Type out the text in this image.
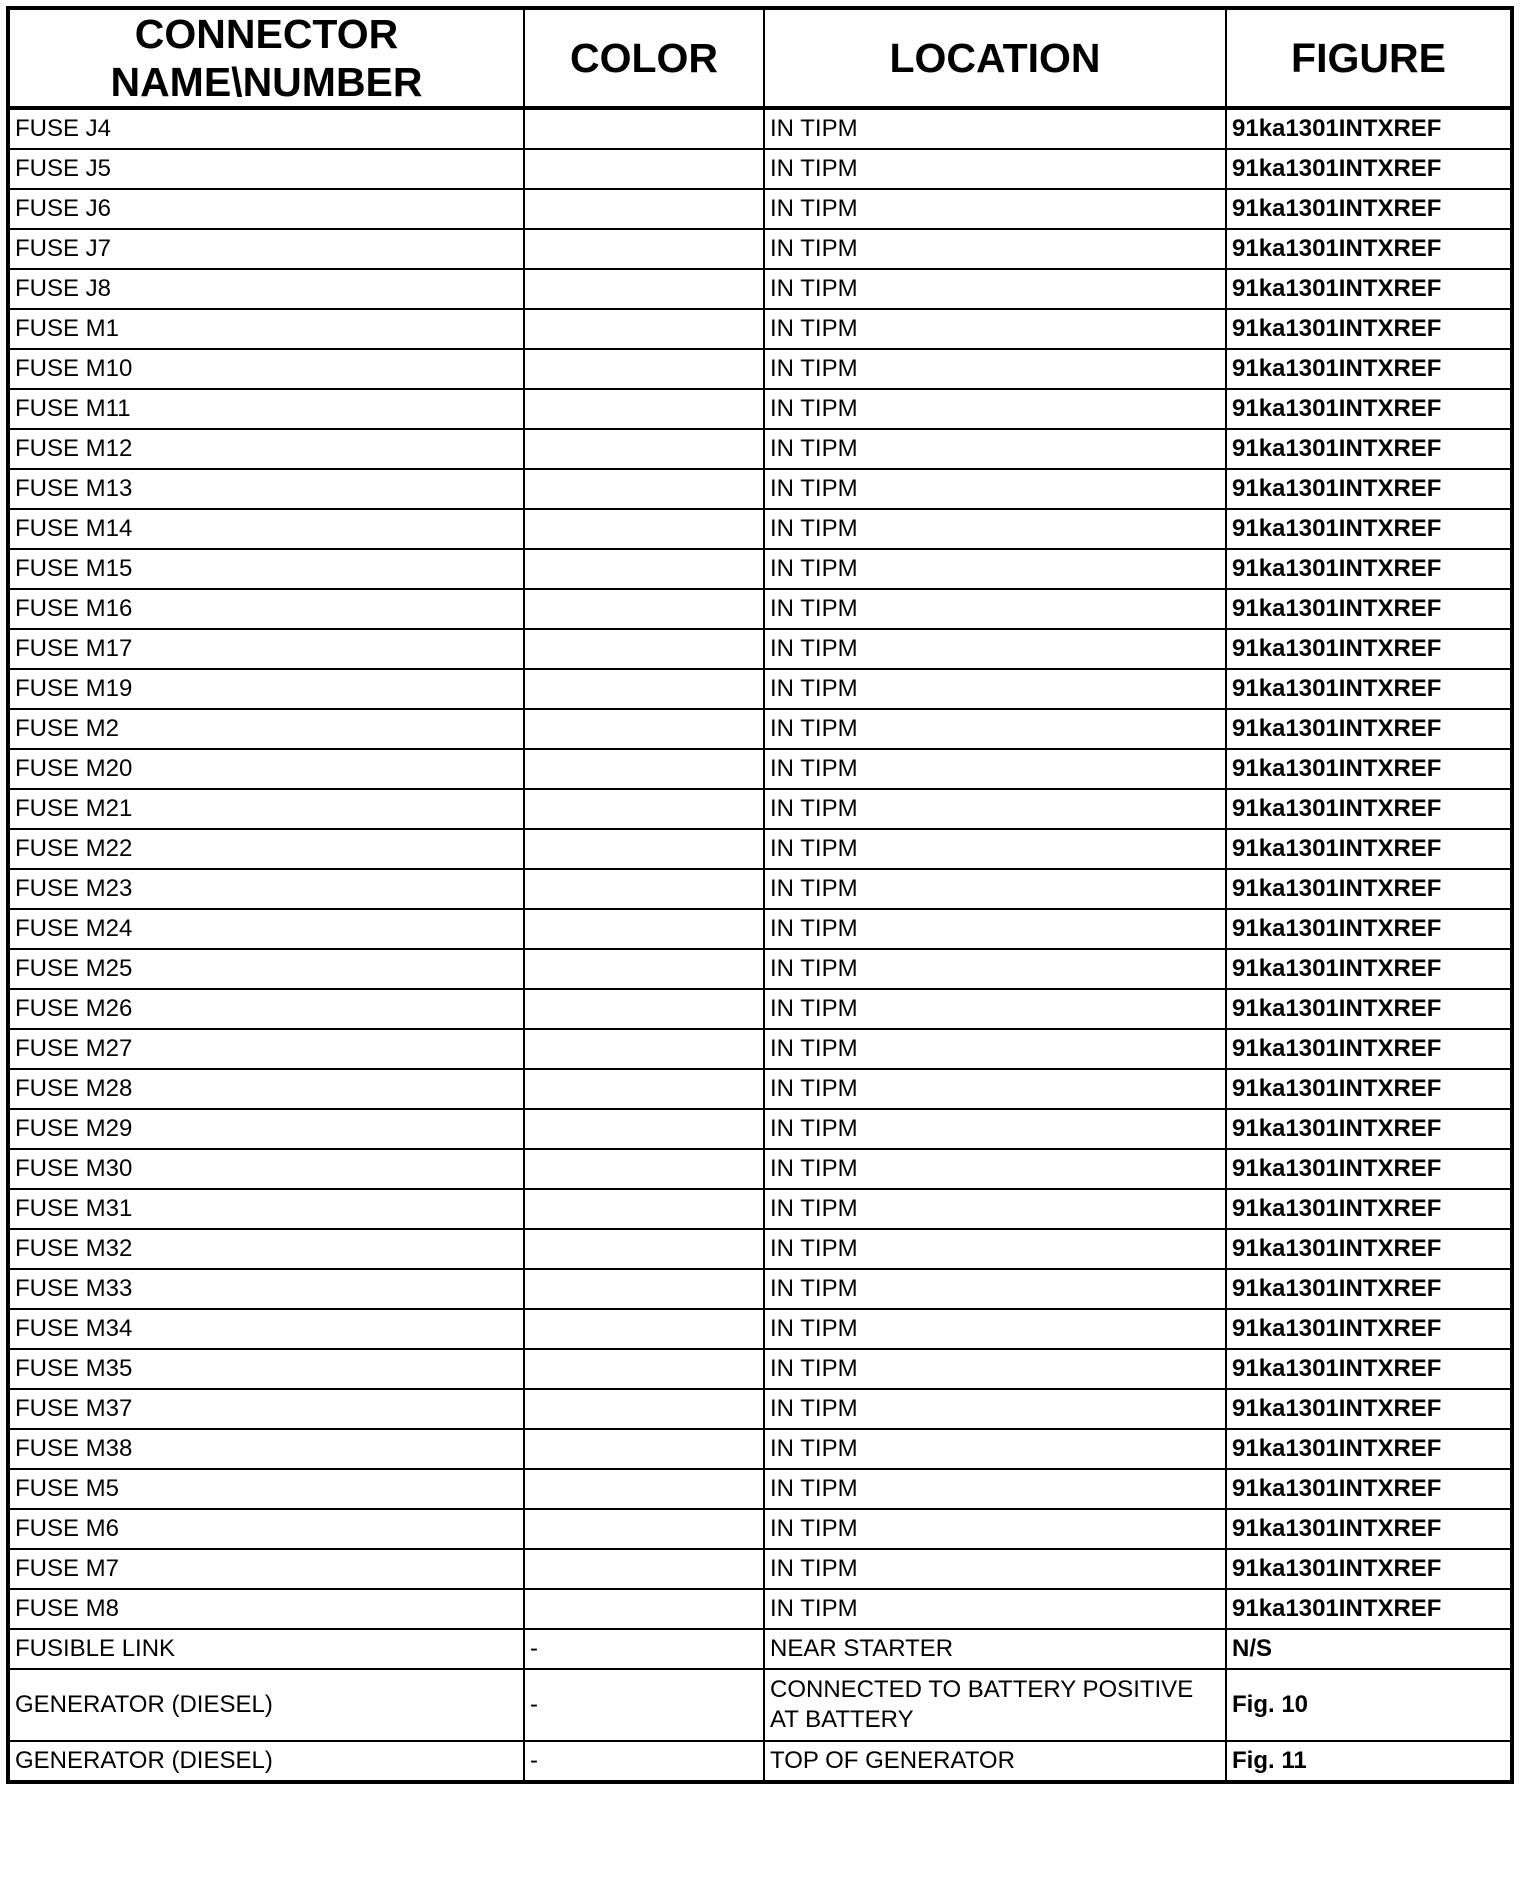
CONNECTOR NAME\NUMBER	COLOR	LOCATION	FIGURE
FUSE J4		IN TIPM	91ka1301INTXREF
FUSE J5		IN TIPM	91ka1301INTXREF
FUSE J6		IN TIPM	91ka1301INTXREF
FUSE J7		IN TIPM	91ka1301INTXREF
FUSE J8		IN TIPM	91ka1301INTXREF
FUSE M1		IN TIPM	91ka1301INTXREF
FUSE M10		IN TIPM	91ka1301INTXREF
FUSE M11		IN TIPM	91ka1301INTXREF
FUSE M12		IN TIPM	91ka1301INTXREF
FUSE M13		IN TIPM	91ka1301INTXREF
FUSE M14		IN TIPM	91ka1301INTXREF
FUSE M15		IN TIPM	91ka1301INTXREF
FUSE M16		IN TIPM	91ka1301INTXREF
FUSE M17		IN TIPM	91ka1301INTXREF
FUSE M19		IN TIPM	91ka1301INTXREF
FUSE M2		IN TIPM	91ka1301INTXREF
FUSE M20		IN TIPM	91ka1301INTXREF
FUSE M21		IN TIPM	91ka1301INTXREF
FUSE M22		IN TIPM	91ka1301INTXREF
FUSE M23		IN TIPM	91ka1301INTXREF
FUSE M24		IN TIPM	91ka1301INTXREF
FUSE M25		IN TIPM	91ka1301INTXREF
FUSE M26		IN TIPM	91ka1301INTXREF
FUSE M27		IN TIPM	91ka1301INTXREF
FUSE M28		IN TIPM	91ka1301INTXREF
FUSE M29		IN TIPM	91ka1301INTXREF
FUSE M30		IN TIPM	91ka1301INTXREF
FUSE M31		IN TIPM	91ka1301INTXREF
FUSE M32		IN TIPM	91ka1301INTXREF
FUSE M33		IN TIPM	91ka1301INTXREF
FUSE M34		IN TIPM	91ka1301INTXREF
FUSE M35		IN TIPM	91ka1301INTXREF
FUSE M37		IN TIPM	91ka1301INTXREF
FUSE M38		IN TIPM	91ka1301INTXREF
FUSE M5		IN TIPM	91ka1301INTXREF
FUSE M6		IN TIPM	91ka1301INTXREF
FUSE M7		IN TIPM	91ka1301INTXREF
FUSE M8		IN TIPM	91ka1301INTXREF
FUSIBLE LINK	-	NEAR STARTER	N/S
GENERATOR (DIESEL)	-	CONNECTED TO BATTERY POSITIVE AT BATTERY	Fig. 10
GENERATOR (DIESEL)	-	TOP OF GENERATOR	Fig. 11
